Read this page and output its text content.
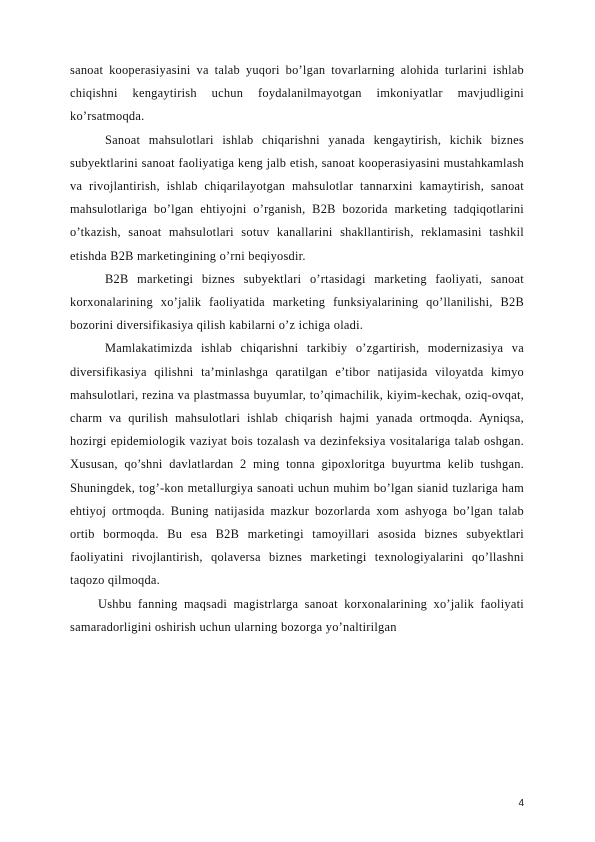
sanoat kooperasiyasini va talab yuqori bo’lgan tovarlarning alohida turlarini ishlab chiqishni kengaytirish uchun foydalanilmayotgan imkoniyatlar mavjudligini ko’rsatmoqda.

Sanoat mahsulotlari ishlab chiqarishni yanada kengaytirish, kichik biznes subyektlarini sanoat faoliyatiga keng jalb etish, sanoat kooperasiyasini mustahkamlash va rivojlantirish, ishlab chiqarilayotgan mahsulotlar tannarxini kamaytirish, sanoat mahsulotlariga bo’lgan ehtiyojni o’rganish, B2B bozorida marketing tadqiqotlarini o’tkazish, sanoat mahsulotlari sotuv kanallarini shakllantirish, reklamasini tashkil etishda B2B marketingining o’rni beqiyosdir.

B2B marketingi biznes subyektlari o’rtasidagi marketing faoliyati, sanoat korxonalarining xo’jalik faoliyatida marketing funksiyalarining qo’llanilishi, B2B bozorini diversifikasiya qilish kabilarni o’z ichiga oladi.

Mamlakatimizda ishlab chiqarishni tarkibiy o’zgartirish, modernizasiya va diversifikasiya qilishni ta’minlashga qaratilgan e’tibor natijasida viloyatda kimyo mahsulotlari, rezina va plastmassa buyumlar, to’qimachilik, kiyim-kechak, oziq-ovqat, charm va qurilish mahsulotlari ishlab chiqarish hajmi yanada ortmoqda. Ayniqsa, hozirgi epidemiologik vaziyat bois tozalash va dezinfeksiya vositalariga talab oshgan. Xususan, qo’shni davlatlardan 2 ming tonna gipoxloritga buyurtma kelib tushgan. Shuningdek, tog’-kon metallurgiya sanoati uchun muhim bo’lgan sianid tuzlariga ham ehtiyoj ortmoqda. Buning natijasida mazkur bozorlarda xom ashyoga bo’lgan talab ortib bormoqda. Bu esa B2B marketingi tamoyillari asosida biznes subyektlari faoliyatini rivojlantirish, qolaversa biznes marketingi texnologiyalarini qo’llashni taqozo qilmoqda.

Ushbu fanning maqsadi magistrlarga sanoat korxonalarining xo’jalik faoliyati samaradorligini oshirish uchun ularning bozorga yo’naltirilgan

4
